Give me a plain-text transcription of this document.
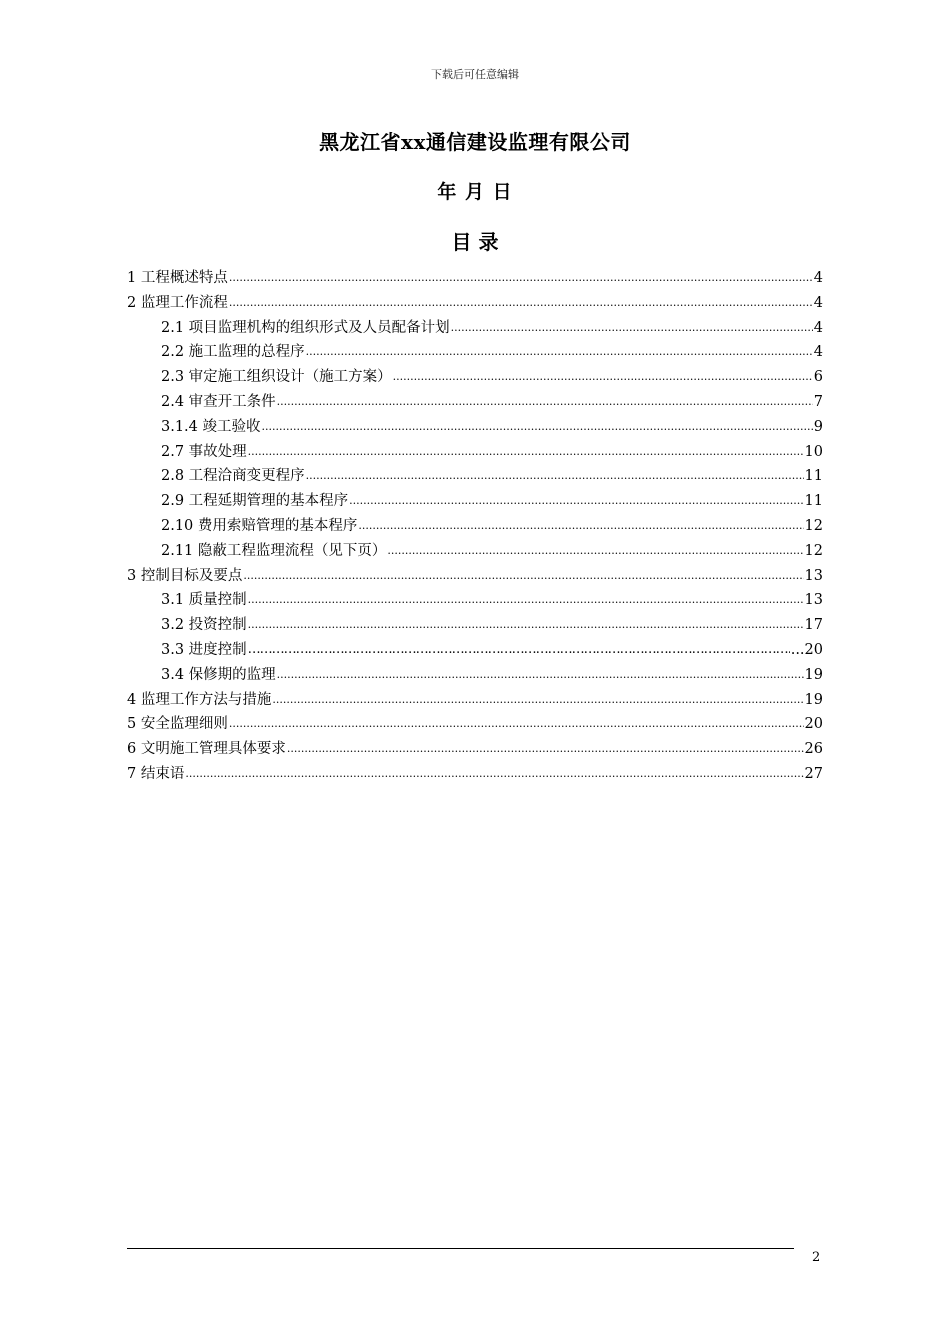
下载后可任意编辑
黑龙江省xx通信建设监理有限公司
年 月 日
目 录
1 工程概述特点 .....	4
2 监理工作流程 .....	4
2.1 项目监理机构的组织形式及人员配备计划 .....	4
2.2 施工监理的总程序 .....	4
2.3 审定施工组织设计（施工方案） .....	6
2.4 审查开工条件 .....	7
3.1.4 竣工验收 .....	9
2.7 事故处理 .....	10
2.8 工程洽商变更程序 .....	11
2.9 工程延期管理的基本程序 .....	11
2.10 费用索赔管理的基本程序 .....	12
2.11 隐蔽工程监理流程（见下页） .....	12
3 控制目标及要点 .....	13
3.1 质量控制 .....	13
3.2 投资控制 .....	17
3.3 进度控制 ………………………………………………………………………………………………………………………………………………………	...20
3.4 保修期的监理 .....	19
4 监理工作方法与措施 .....	19
5 安全监理细则 .....	20
6 文明施工管理具体要求 .....	26
7 结束语 .....	27
2
